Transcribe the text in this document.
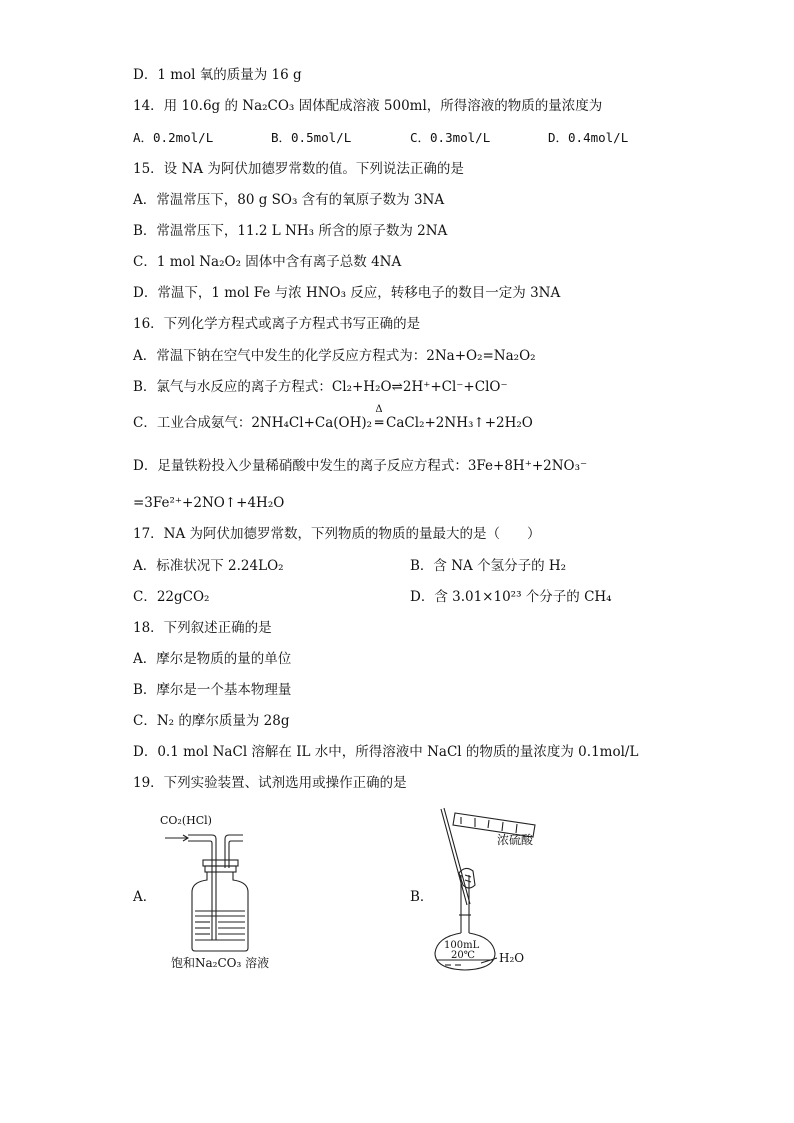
D．1 mol 氧的质量为 16 g
14．用 10.6g 的 Na₂CO₃ 固体配成溶液 500ml，所得溶液的物质的量浓度为
A．0.2mol/L	B．0.5mol/L	C．0.3mol/L	D．0.4mol/L
15．设 NA 为阿伏加德罗常数的值。下列说法正确的是
A．常温常压下，80 g SO₃ 含有的氧原子数为 3NA
B．常温常压下，11.2 L NH₃ 所含的原子数为 2NA
C．1 mol Na₂O₂ 固体中含有离子总数 4NA
D．常温下，1 mol Fe 与浓 HNO₃ 反应，转移电子的数目一定为 3NA
16．下列化学方程式或离子方程式书写正确的是
A．常温下钠在空气中发生的化学反应方程式为：2Na+O₂=Na₂O₂
B．氯气与水反应的离子方程式：Cl₂+H₂O⇌2H⁺+Cl⁻+ClO⁻
C．工业合成氨气：2NH₄Cl+Ca(OH)₂
Δ
═ CaCl₂+2NH₃↑+2H₂O
D．足量铁粉投入少量稀硝酸中发生的离子反应方程式：3Fe+8H⁺+2NO₃⁻
=3Fe²⁺+2NO↑+4H₂O
17．NA 为阿伏加德罗常数，下列物质的物质的量最大的是（　　）
A．标准状况下 2.24LO₂	B．含 NA 个氢分子的 H₂
C．22gCO₂	D．含 3.01×10²³ 个分子的 CH₄
18．下列叙述正确的是
A．摩尔是物质的量的单位
B．摩尔是一个基本物理量
C．N₂ 的摩尔质量为 28g
D．0.1 mol NaCl 溶解在 IL 水中，所得溶液中 NaCl 的物质的量浓度为 0.1mol/L
19．下列实验装置、试剂选用或操作正确的是
A．
CO₂(HCl)
饱和Na₂CO₃ 溶液
B．
浓硫酸
100mL
20℃ H₂O
